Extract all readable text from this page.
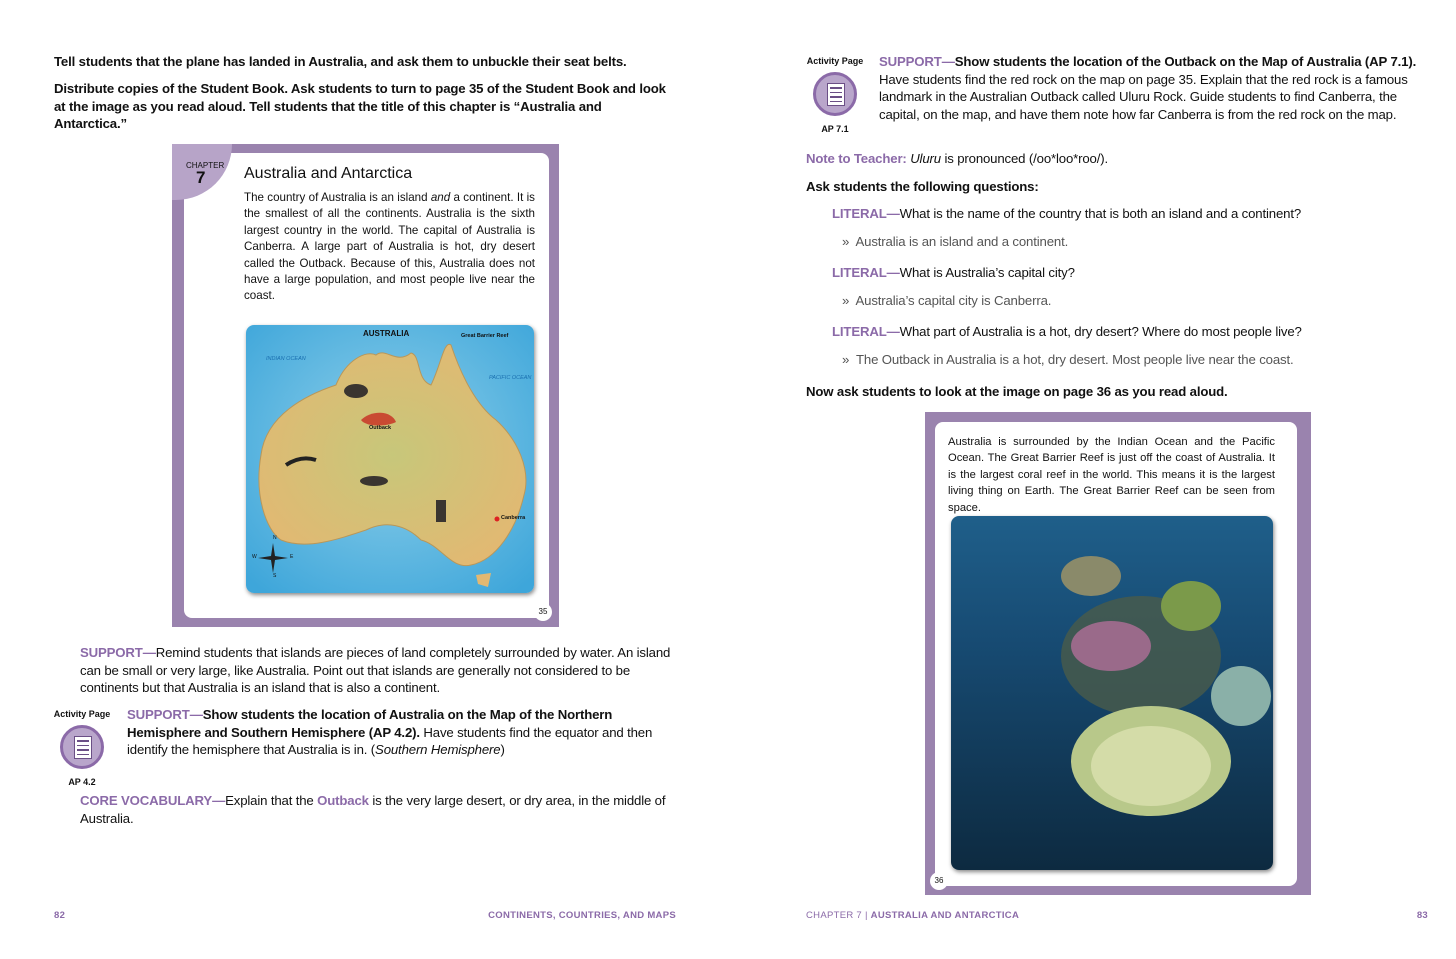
Tell students that the plane has landed in Australia, and ask them to unbuckle their seat belts.
Distribute copies of the Student Book. Ask students to turn to page 35 of the Student Book and look at the image as you read aloud. Tell students that the title of this chapter is “Australia and Antarctica.”
CHAPTER
7	Australia and Antarctica
The country of Australia is an island and a continent. It is the smallest of all the continents. Australia is the sixth largest country in the world. The capital of Australia is Canberra. A large part of Australia is hot, dry desert called the Outback. Because of this, Australia does not have a large population, and most people live near the coast.
AUSTRALIA	Great Barrier Reef
INDIAN OCEAN
PACIFIC OCEAN
Outback
Canberra
N
S
W	E
35
SUPPORT—Remind students that islands are pieces of land completely surrounded by water. An island can be small or very large, like Australia. Point out that islands are generally not considered to be continents but that Australia is an island that is also a continent.
Activity Page
AP 4.2
SUPPORT—Show students the location of Australia on the Map of the Northern Hemisphere and Southern Hemisphere (AP 4.2). Have students find the equator and then identify the hemisphere that Australia is in. (Southern Hemisphere)
CORE VOCABULARY—Explain that the Outback is the very large desert, or dry area, in the middle of Australia.
82	CONTINENTS, COUNTRIES, AND MAPS
Activity Page
AP 7.1
SUPPORT—Show students the location of the Outback on the Map of Australia (AP 7.1). Have students find the red rock on the map on page 35. Explain that the red rock is a famous landmark in the Australian Outback called Uluru Rock. Guide students to find Canberra, the capital, on the map, and have them note how far Canberra is from the red rock on the map.
Note to Teacher: Uluru is pronounced (/oo*loo*roo/).
Ask students the following questions:
LITERAL—What is the name of the country that is both an island and a continent?
» Australia is an island and a continent.
LITERAL—What is Australia’s capital city?
» Australia’s capital city is Canberra.
LITERAL—What part of Australia is a hot, dry desert? Where do most people live?
» The Outback in Australia is a hot, dry desert. Most people live near the coast.
Now ask students to look at the image on page 36 as you read aloud.
Australia is surrounded by the Indian Ocean and the Pacific Ocean. The Great Barrier Reef is just off the coast of Australia. It is the largest coral reef in the world. This means it is the largest living thing on Earth. The Great Barrier Reef can be seen from space.
36
CHAPTER 7 | AUSTRALIA AND ANTARCTICA	83
